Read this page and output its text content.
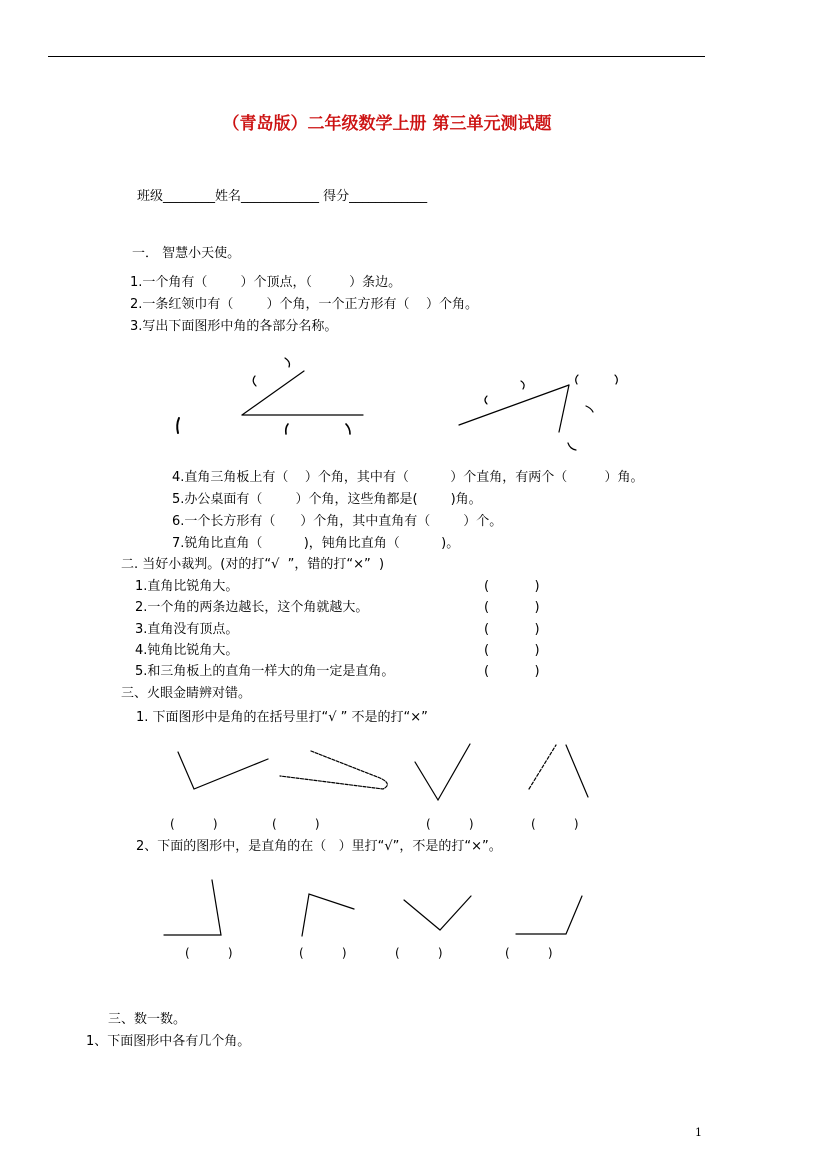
（青岛版）二年级数学上册 第三单元测试题
班级________姓名____________ 得分____________
一． 智慧小天使。
1.一个角有（        ）个顶点，（         ）条边。
2.一条红领巾有（        ）个角，一个正方形有（    ）个角。
3.写出下面图形中角的各部分名称。
4.直角三角板上有（    ）个角，其中有（          ）个直角，有两个（         ）角。
5.办公桌面有（        ）个角，这些角都是(        )角。
6.一个长方形有（      ）个角，其中直角有（        ）个。
7.锐角比直角（          )，钝角比直角（          )。
二. 当好小裁判。(对的打“√  ”，错的打“×”  )
1.直角比锐角大。	(           )
2.一个角的两条边越长，这个角就越大。	(           )
3.直角没有顶点。	(           )
4.钝角比锐角大。	(           )
5.和三角板上的直角一样大的角一定是直角。	(           )
三、火眼金睛辨对错。
1. 下面图形中是角的在括号里打“√ ” 不是的打“×”
(          )	(          )	(          )	(          )
2、下面的图形中，是直角的在（   ）里打“√”，不是的打“×”。
(          )	(          )	(          )	(          )
三、数一数。
1、下面图形中各有几个角。
1
